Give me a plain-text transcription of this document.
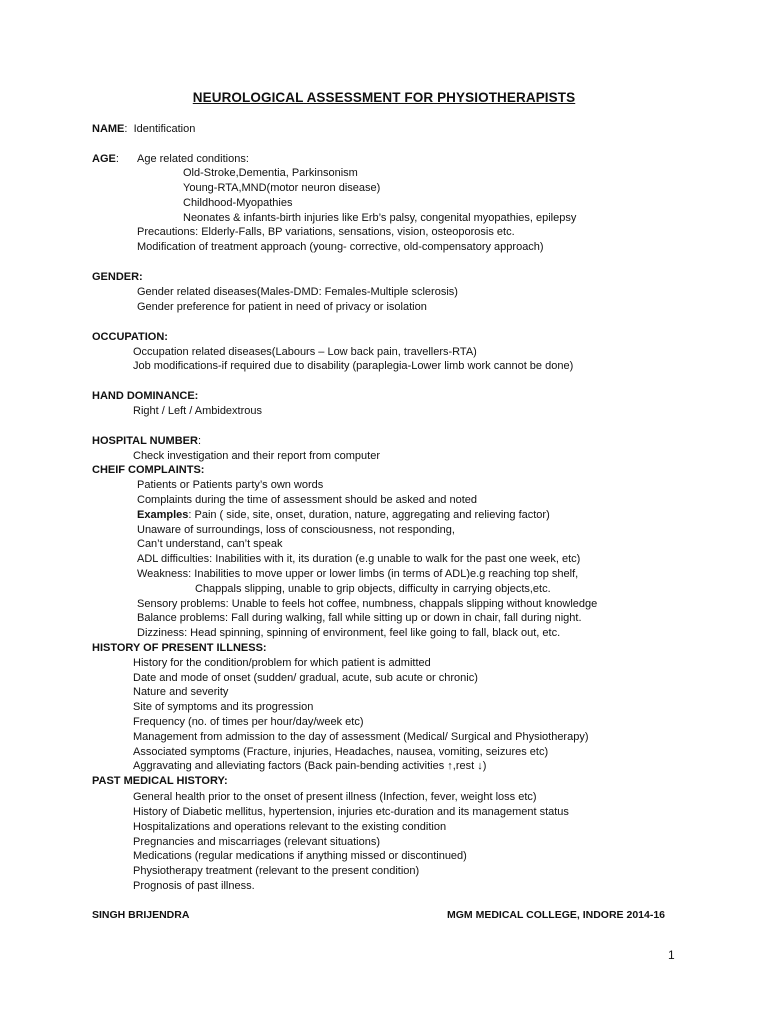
NEUROLOGICAL ASSESSMENT FOR PHYSIOTHERAPISTS
NAME: Identification
AGE: Age related conditions:
Old-Stroke,Dementia, Parkinsonism
Young-RTA,MND(motor neuron disease)
Childhood-Myopathies
Neonates & infants-birth injuries like Erb’s palsy, congenital myopathies, epilepsy
Precautions: Elderly-Falls, BP variations, sensations, vision, osteoporosis etc.
Modification of treatment approach (young- corrective, old-compensatory approach)
GENDER:
Gender related diseases(Males-DMD: Females-Multiple sclerosis)
Gender preference for patient in need of privacy or isolation
OCCUPATION:
Occupation related diseases(Labours – Low back pain, travellers-RTA)
Job modifications-if required due to disability (paraplegia-Lower limb work cannot be done)
HAND DOMINANCE:
Right / Left / Ambidextrous
HOSPITAL NUMBER:
Check investigation and their report from computer
CHEIF COMPLAINTS:
Patients or Patients party’s own words
Complaints during the time of assessment should be asked and noted
Examples: Pain ( side, site, onset, duration, nature, aggregating and relieving factor)
Unaware of surroundings, loss of consciousness, not responding,
Can’t understand, can’t speak
ADL difficulties: Inabilities with it, its duration (e.g unable to walk for the past one week, etc)
Weakness: Inabilities to move upper or lower limbs (in terms of ADL)e.g reaching top shelf,
Chappals slipping, unable to grip objects, difficulty in carrying objects,etc.
Sensory problems: Unable to feels hot coffee, numbness, chappals slipping without knowledge
Balance problems: Fall during walking, fall while sitting up or down in chair, fall during night.
Dizziness: Head spinning, spinning of environment, feel like going to fall, black out, etc.
HISTORY OF PRESENT ILLNESS:
History for the condition/problem for which patient is admitted
Date and mode of onset (sudden/ gradual, acute, sub acute or chronic)
Nature and severity
Site of symptoms and its progression
Frequency (no. of times per hour/day/week etc)
Management from admission to the day of assessment (Medical/ Surgical and Physiotherapy)
Associated symptoms (Fracture, injuries, Headaches, nausea, vomiting, seizures etc)
Aggravating and alleviating factors (Back pain-bending activities ↑,rest ↓)
PAST MEDICAL HISTORY:
General health prior to the onset of present illness (Infection, fever, weight loss etc)
History of Diabetic mellitus, hypertension, injuries etc-duration and its management status
Hospitalizations and operations relevant to the existing condition
Pregnancies and miscarriages (relevant situations)
Medications (regular medications if anything missed or discontinued)
Physiotherapy treatment (relevant to the present condition)
Prognosis of past illness.
SINGH BRIJENDRA	MGM MEDICAL COLLEGE, INDORE 2014-16
1
